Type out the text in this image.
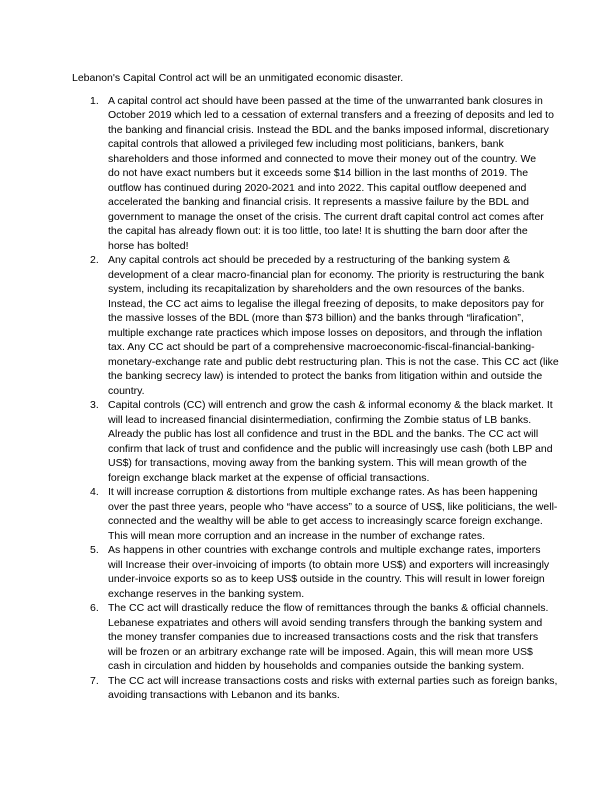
Lebanon's Capital Control act will be an unmitigated economic disaster.
1. A capital control act should have been passed at the time of the unwarranted bank closures in
October 2019 which led to a cessation of external transfers and a freezing of deposits and led to
the banking and financial crisis. Instead the BDL and the banks imposed informal, discretionary
capital controls that allowed a privileged few including most politicians, bankers, bank
shareholders and those informed and connected to move their money out of the country. We
do not have exact numbers but it exceeds some $14 billion in the last months of 2019. The
outflow has continued during 2020-2021 and into 2022. This capital outflow deepened and
accelerated the banking and financial crisis. It represents a massive failure by the BDL and
government to manage the onset of the crisis. The current draft capital control act comes after
the capital has already flown out: it is too little, too late! It is shutting the barn door after the
horse has bolted!
2. Any capital controls act should be preceded by a restructuring of the banking system &
development of a clear macro-financial plan for economy. The priority is restructuring the bank
system, including its recapitalization by shareholders and the own resources of the banks.
Instead, the CC act aims to legalise the illegal freezing of deposits, to make depositors pay for
the massive losses of the BDL (more than $73 billion) and the banks through “lirafication”,
multiple exchange rate practices which impose losses on depositors, and through the inflation
tax. Any CC act should be part of a comprehensive macroeconomic-fiscal-financial-banking-
monetary-exchange rate and public debt restructuring plan. This is not the case. This CC act (like
the banking secrecy law) is intended to protect the banks from litigation within and outside the
country.
3. Capital controls (CC) will entrench and grow the cash & informal economy & the black market. It
will lead to increased financial disintermediation, confirming the Zombie status of LB banks.
Already the public has lost all confidence and trust in the BDL and the banks. The CC act will
confirm that lack of trust and confidence and the public will increasingly use cash (both LBP and
US$) for transactions, moving away from the banking system. This will mean growth of the
foreign exchange black market at the expense of official transactions.
4. It will increase corruption & distortions from multiple exchange rates. As has been happening
over the past three years, people who “have access” to a source of US$, like politicians, the well-
connected and the wealthy will be able to get access to increasingly scarce foreign exchange.
This will mean more corruption and an increase in the number of exchange rates.
5. As happens in other countries with exchange controls and multiple exchange rates, importers
will Increase their over-invoicing of imports (to obtain more US$) and exporters will increasingly
under-invoice exports so as to keep US$ outside in the country. This will result in lower foreign
exchange reserves in the banking system.
6. The CC act will drastically reduce the flow of remittances through the banks & official channels.
Lebanese expatriates and others will avoid sending transfers through the banking system and
the money transfer companies due to increased transactions costs and the risk that transfers
will be frozen or an arbitrary exchange rate will be imposed. Again, this will mean more US$
cash in circulation and hidden by households and companies outside the banking system.
7. The CC act will increase transactions costs and risks with external parties such as foreign banks,
avoiding transactions with Lebanon and its banks.
